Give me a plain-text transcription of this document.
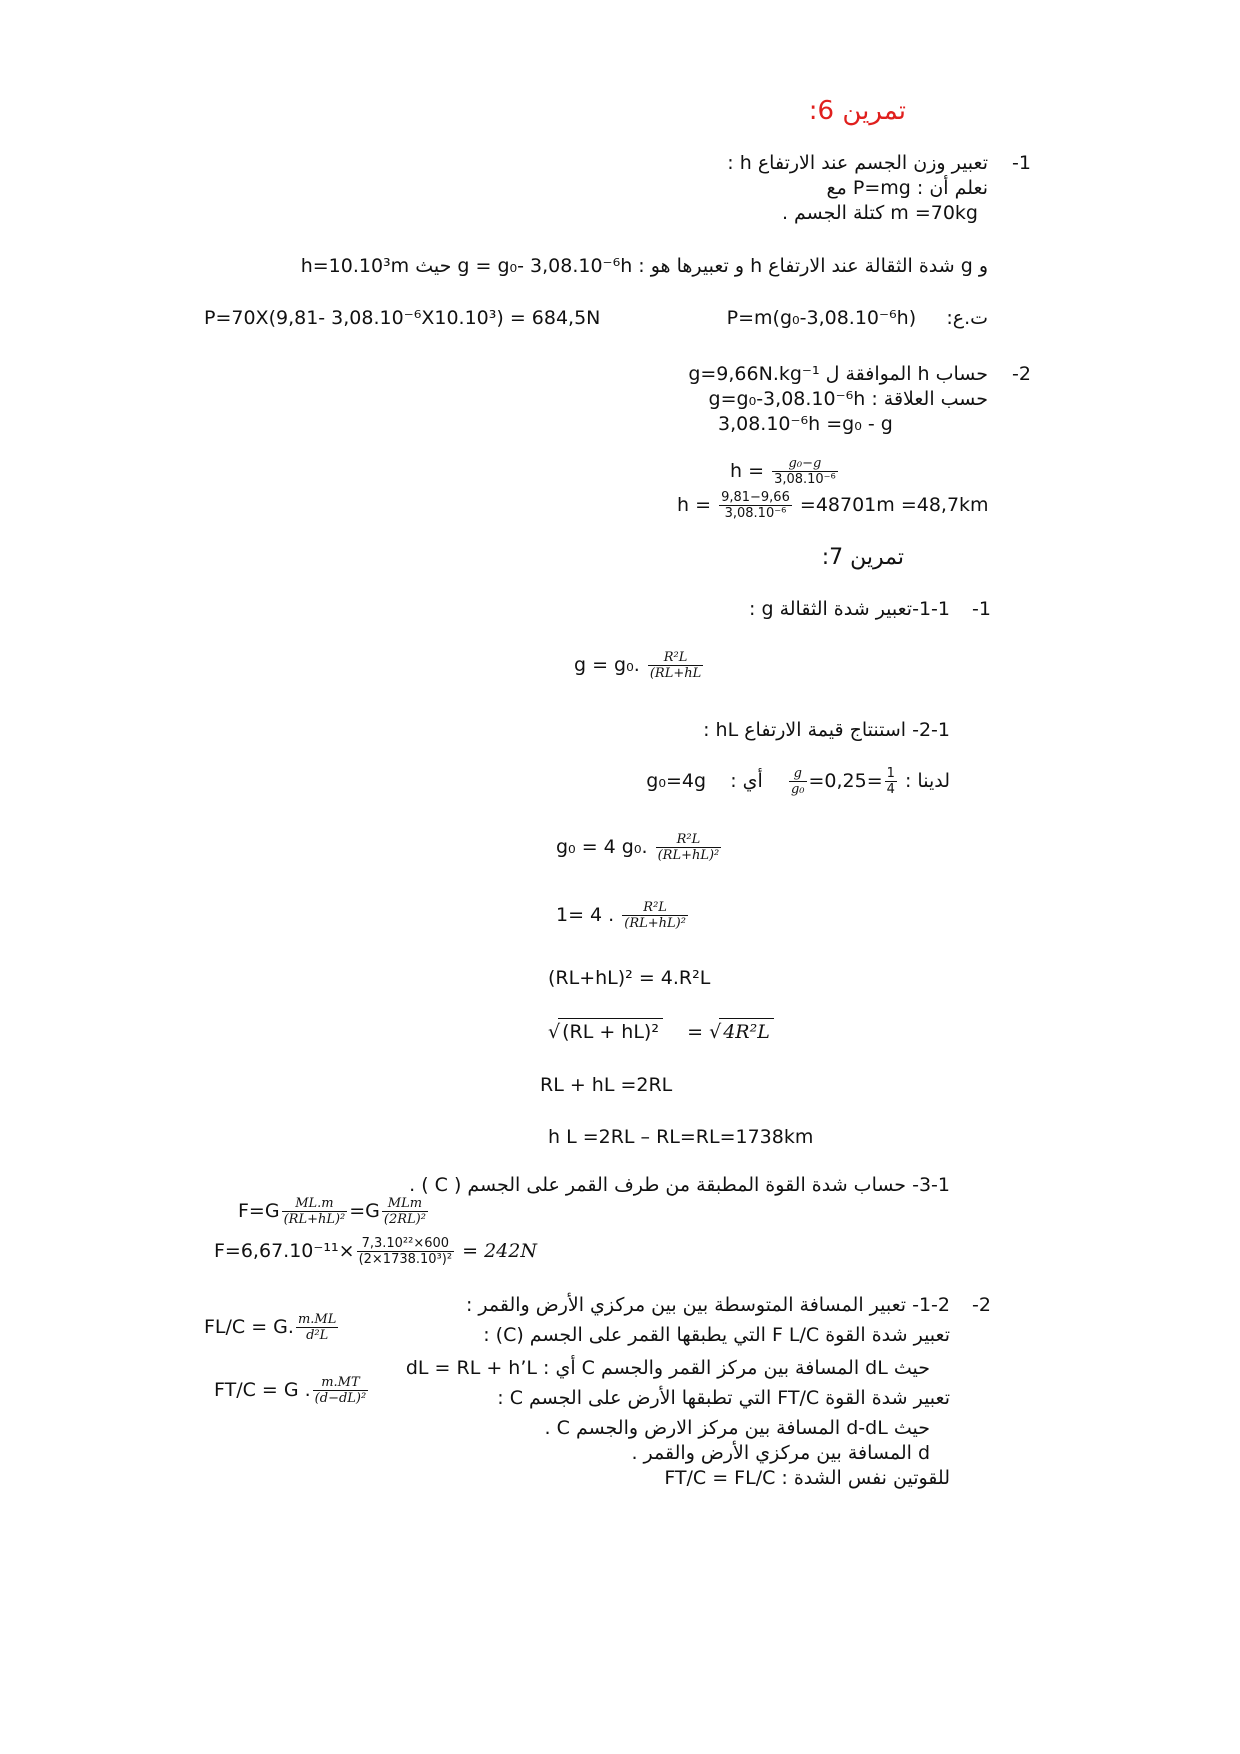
تمرين 6:
-1
تعبير وزن الجسم عند الارتفاع h :
نعلم أن : P=mg مع
m =70kg كتلة الجسم .
و g شدة الثقالة عند الارتفاع h و تعبيرها هو : g = g₀- 3,08.10⁻⁶h حيث h=10.10³m
P=70X(9,81- 3,08.10⁻⁶X10.10³) = 684,5N	ت.ع:     P=m(g₀-3,08.10⁻⁶h)
-2
حساب h الموافقة ل g=9,66N.kg⁻¹
حسب العلاقة : g=g₀-3,08.10⁻⁶h
3,08.10⁻⁶h =g₀ - g
$h = \frac{\text{g₀−g}}{\text{3,08.10⁻⁶}}$
$h = \frac{9,81-9,66}{\text{3,08.10⁻⁶}} =48701m =48,7km$
تمرين 7:
-1
1-1-تعبير شدة الثقالة g :
g = g₀. $\frac{\text{R²L}}{(RL+hL}$
2-1- استنتاج قيمة الارتفاع hL :
لدينا :
$\frac{g}{\text{g₀}} =0,25= \frac{1}{4}$
أي :    g₀=4g
g₀ = 4 g₀. $\frac{\text{R²L}}{\text{(RL+hL)²}}$
1= 4 . $\frac{\text{R²L}}{\text{(RL+hL)²}}$
(RL+hL)² = 4.R²L
√ (RL + hL)² = √ 4R²L
RL + hL =2RL
h L =2RL – RL=RL=1738km
3-1- حساب شدة القوة المطبقة من طرف القمر على الجسم ( C ) .
$F=G \frac{ML.m}{\text{(RL+hL)²}} =G \frac{\text{MLm}}{\text{(2RL)²}}$
$F=6,67.10^{-11}\times \frac{\text{7,3.10²²×600}}{\text{(2×1738.10³)²}} = 242N$
-2
1-2- تعبير المسافة المتوسطة بين بين مركزي الأرض والقمر :
تعبير شدة القوة F L/C التي يطبقها القمر على الجسم (C) :
FL/C = G. $\frac{m.ML}{\text{d²L}}$
حيث dL المسافة بين مركز القمر والجسم C أي : dL = RL + h’L
تعبير شدة القوة FT/C التي تطبقها الأرض على الجسم C :
FT/C = G . $\frac{m.MT}{\text{(d−dL)²}}$
حيث d-dL المسافة بين مركز الارض والجسم C .
d المسافة بين مركزي الأرض والقمر .
للقوتين نفس الشدة : FT/C = FL/C
